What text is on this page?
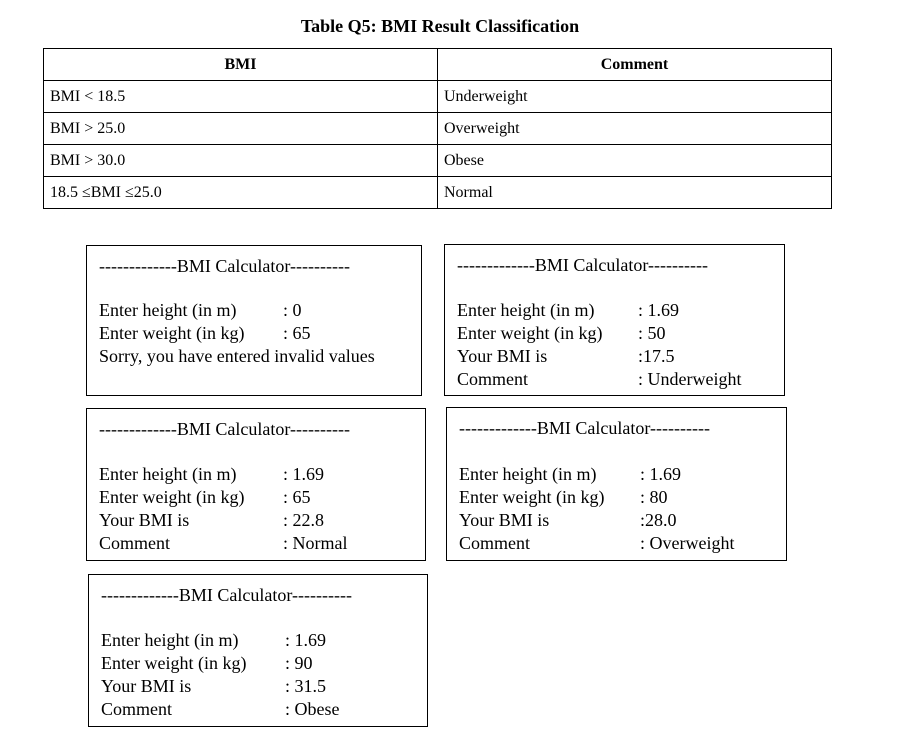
Table Q5: BMI Result Classification
BMI	Comment
BMI < 18.5	Underweight
BMI > 25.0	Overweight
BMI > 30.0	Obese
18.5 ≤BMI ≤25.0	Normal
-------------BMI Calculator----------
Enter height (in m)	: 0
Enter weight (in kg) : 65
Sorry, you have entered invalid values
-------------BMI Calculator----------
Enter height (in m) : 1.69
Enter weight (in kg) : 50
Your BMI is	:17.5
Comment	: Underweight
-------------BMI Calculator----------
Enter height (in m)	: 1.69
Enter weight (in kg) : 65
Your BMI is	: 22.8
Comment	: Normal
-------------BMI Calculator----------
Enter height (in m) : 1.69
Enter weight (in kg) : 80
Your BMI is	:28.0
Comment	: Overweight
-------------BMI Calculator----------
Enter height (in m)	: 1.69
Enter weight (in kg) : 90
Your BMI is	: 31.5
Comment	: Obese
